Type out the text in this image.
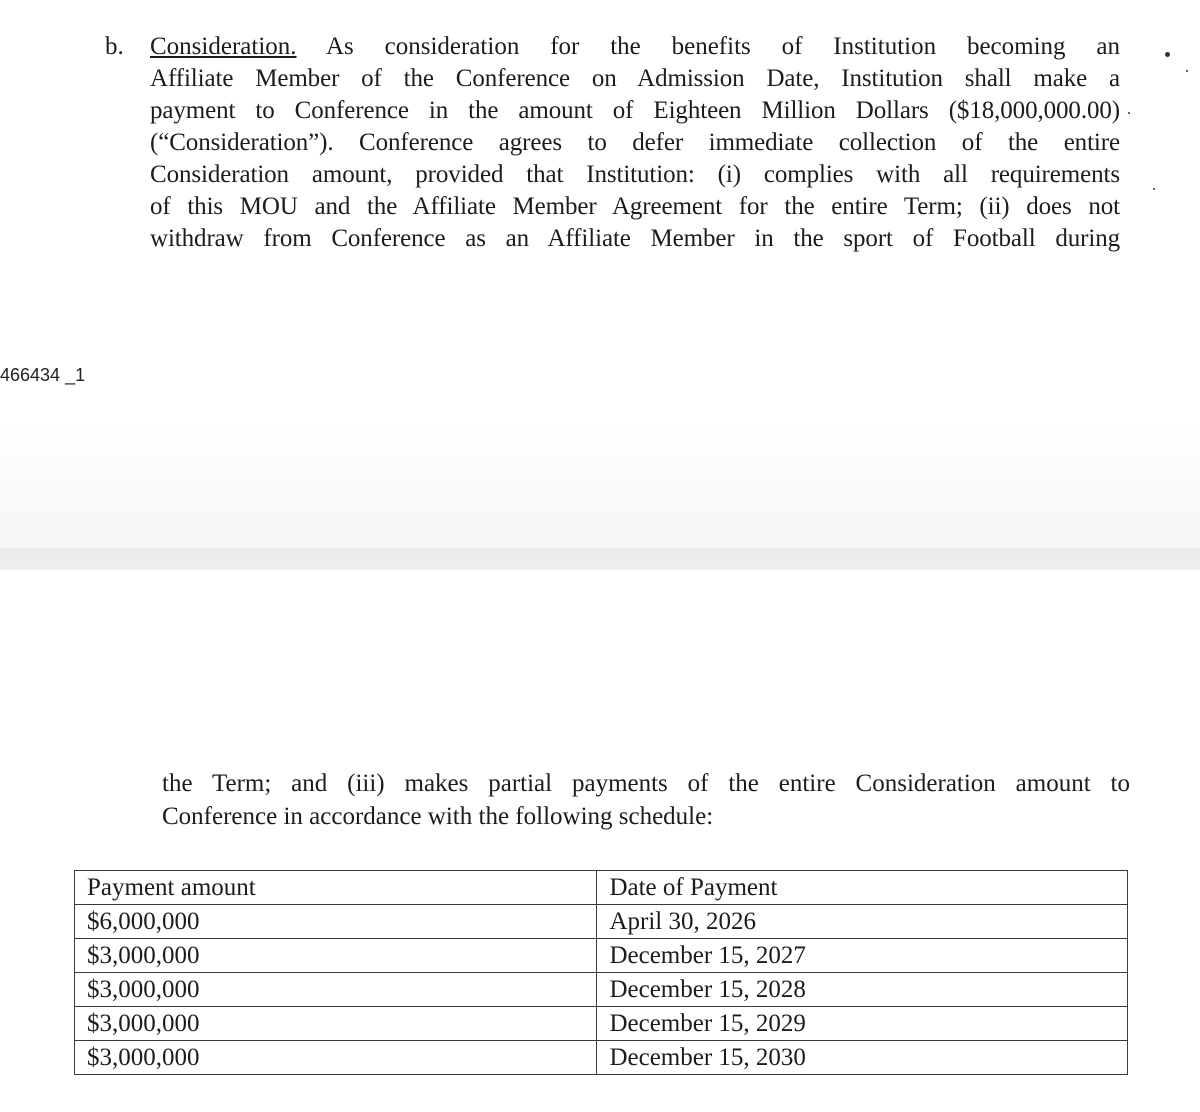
b. Consideration. As consideration for the benefits of Institution becoming an
Affiliate Member of the Conference on Admission Date, Institution shall make a
payment to Conference in the amount of Eighteen Million Dollars ($18,000,000.00)
(“Consideration”). Conference agrees to defer immediate collection of the entire
Consideration amount, provided that Institution: (i) complies with all requirements
of this MOU and the Affiliate Member Agreement for the entire Term; (ii) does not
withdraw from Conference as an Affiliate Member in the sport of Football during
466434 _1
the Term; and (iii) makes partial payments of the entire Consideration amount to
Conference in accordance with the following schedule:
Payment amount	Date of Payment
$6,000,000	April 30, 2026
$3,000,000	December 15, 2027
$3,000,000	December 15, 2028
$3,000,000	December 15, 2029
$3,000,000	December 15, 2030
